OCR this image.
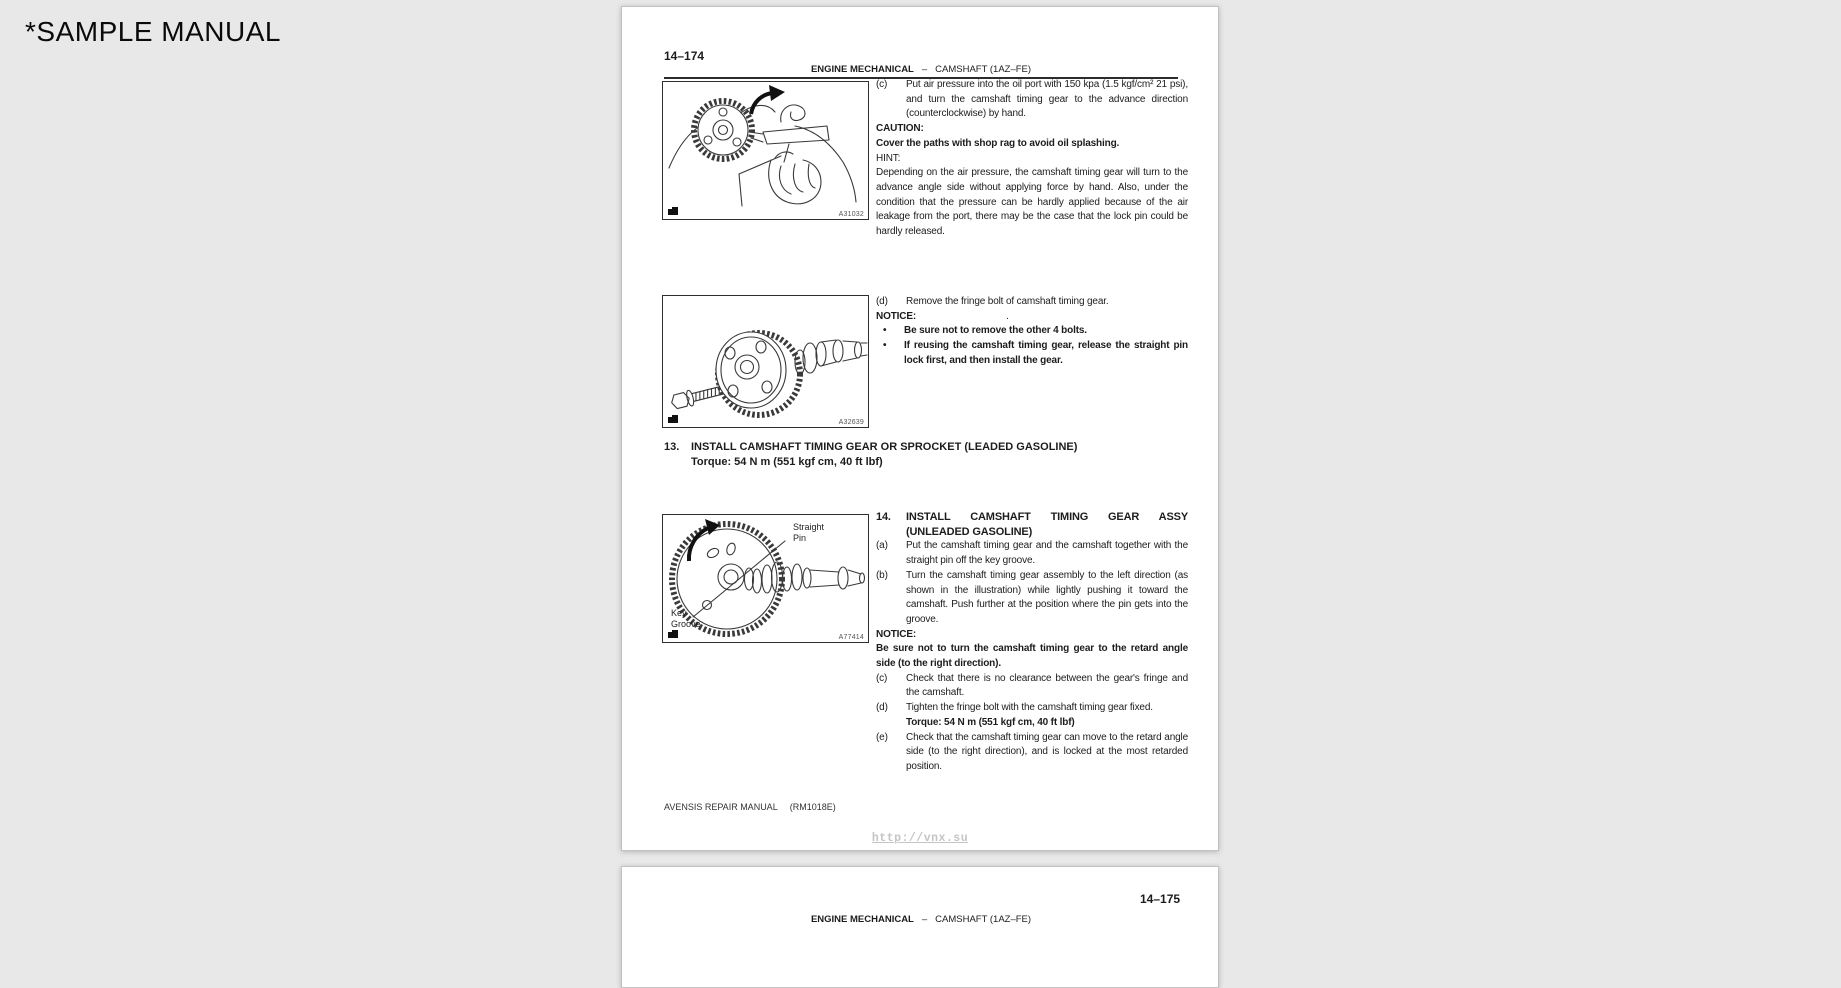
*SAMPLE MANUAL
14–174
ENGINE MECHANICAL – CAMSHAFT (1AZ–FE)
A31032

(c) Put air pressure into the oil port with 150 kpa (1.5 kgf/cm² 21 psi), and turn the camshaft timing gear to the advance direction (counterclockwise) by hand.

CAUTION:

Cover the paths with shop rag to avoid oil splashing.

HINT:

Depending on the air pressure, the camshaft timing gear will turn to the advance angle side without applying force by hand. Also, under the condition that the pressure can be hardly applied because of the air leakage from the port, there may be the case that the lock pin could be hardly released.

A32639

(d) Remove the fringe bolt of camshaft timing gear.

NOTICE:	.

• Be sure not to remove the other 4 bolts.

• If reusing the camshaft timing gear, release the straight pin lock first, and then install the gear.

13. INSTALL CAMSHAFT TIMING GEAR OR SPROCKET (LEADED GASOLINE)
Torque: 54 N m (551 kgf cm, 40 ft lbf)
Straight Pin
Key Groove
A77414

14. INSTALL CAMSHAFT TIMING GEAR ASSY
(UNLEADED GASOLINE)

(a) Put the camshaft timing gear and the camshaft together with the straight pin off the key groove.

(b) Turn the camshaft timing gear assembly to the left direction (as shown in the illustration) while lightly pushing it toward the camshaft. Push further at the position where the pin gets into the groove.

NOTICE:

Be sure not to turn the camshaft timing gear to the retard angle side (to the right direction).

(c) Check that there is no clearance between the gear's fringe and the camshaft.

(d) Tighten the fringe bolt with the camshaft timing gear fixed.

Torque: 54 N m (551 kgf cm, 40 ft lbf)

(e) Check that the camshaft timing gear can move to the retard angle side (to the right direction), and is locked at the most retarded position.

AVENSIS REPAIR MANUAL (RM1018E)
http://vnx.su
14–175
ENGINE MECHANICAL – CAMSHAFT (1AZ–FE)
